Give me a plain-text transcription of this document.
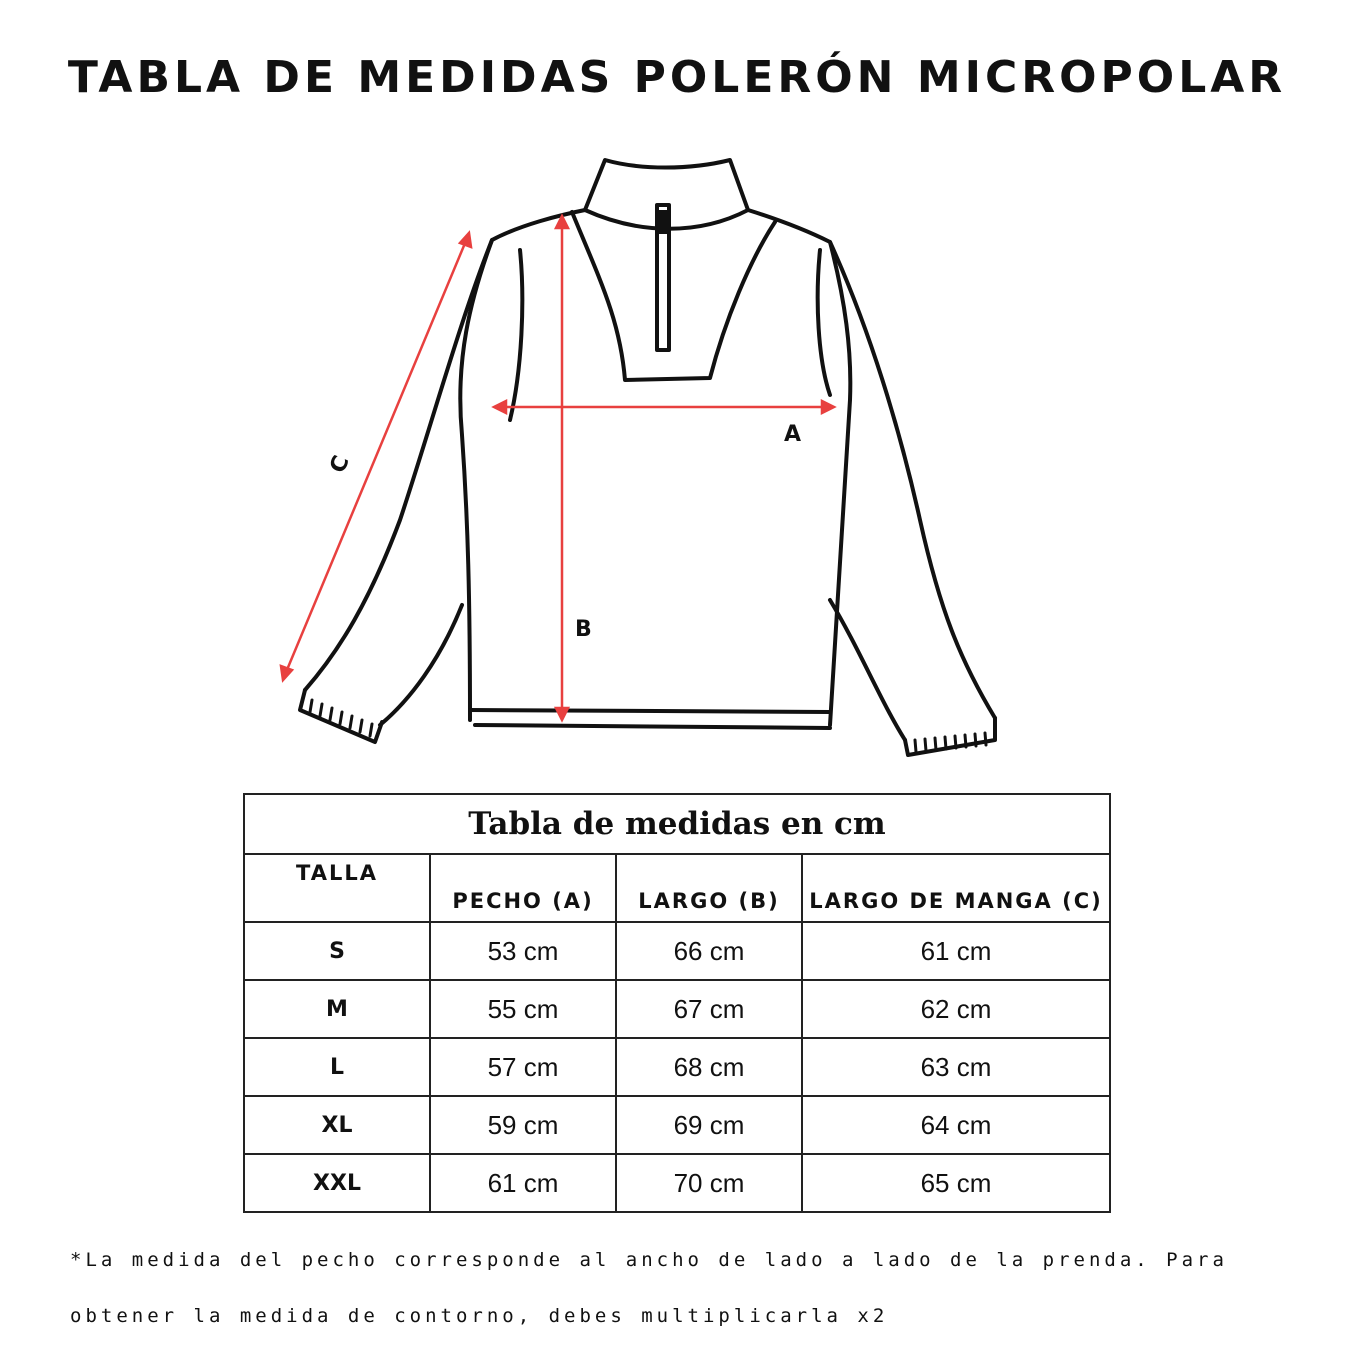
TABLA DE MEDIDAS POLERÓN MICROPOLAR
A
B
C
Tabla de medidas en cm			
TALLA	PECHO (A)	LARGO (B)	LARGO DE MANGA (C)
S	53 cm	66 cm	61 cm
M	55 cm	67 cm	62 cm
L	57 cm	68 cm	63 cm
XL	59 cm	69 cm	64 cm
XXL	61 cm	70 cm	65 cm
*La medida del pecho corresponde al ancho de lado a lado de la prenda. Para obtener la medida de contorno, debes multiplicarla x2
